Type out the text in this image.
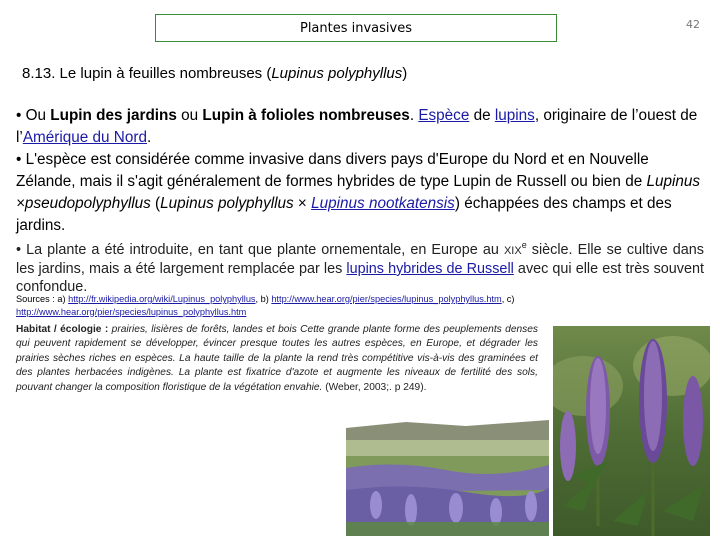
Plantes invasives	42
8.13. Le lupin à feuilles nombreuses (Lupinus polyphyllus)

• Ou Lupin des jardins ou Lupin à folioles nombreuses. Espèce de lupins, originaire de l’ouest de l’Amérique du Nord.

• L'espèce est considérée comme invasive dans divers pays d'Europe du Nord et en Nouvelle Zélande, mais il s'agit généralement de formes hybrides de type Lupin de Russell ou bien de Lupinus ×pseudopolyphyllus (Lupinus polyphyllus × Lupinus nootkatensis) échappées des champs et des jardins.

• La plante a été introduite, en tant que plante ornementale, en Europe au XIXe siècle. Elle se cultive dans les jardins, mais a été largement remplacée par les lupins hybrides de Russell avec qui elle est très souvent confondue.

Sources : a) http://fr.wikipedia.org/wiki/Lupinus_polyphyllus, b) http://www.hear.org/pier/species/lupinus_polyphyllus.htm, c) http://www.hear.org/pier/species/lupinus_polyphyllus.htm

Habitat / écologie : prairies, lisières de forêts, landes et bois Cette grande plante forme des peuplements denses qui peuvent rapidement se développer, évincer presque toutes les autres espèces, en Europe, et dégrader les prairies sèches riches en espèces. La haute taille de la plante la rend très compétitive vis-à-vis des graminées et des plantes herbacées indigènes. La plante est fixatrice d'azote et augmente les niveaux de fertilité des sols, pouvant changer la composition floristique de la végétation envahie. (Weber, 2003;. p 249).
